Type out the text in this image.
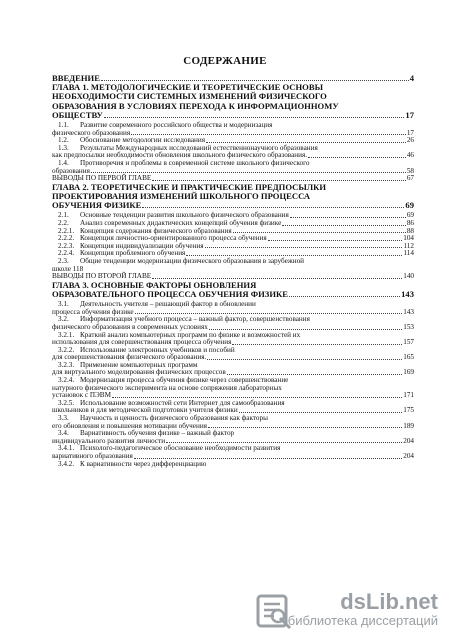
СОДЕРЖАНИЕ
ВВЕДЕНИЕ	4
ГЛАВА 1. МЕТОДОЛОГИЧЕСКИЕ И ТЕОРЕТИЧЕСКИЕ ОСНОВЫ
НЕОБХОДИМОСТИ СИСТЕМНЫХ ИЗМЕНЕНИЙ ФИЗИЧЕСКОГО
ОБРАЗОВАНИЯ В УСЛОВИЯХ ПЕРЕХОДА К ИНФОРМАЦИОННОМУ
ОБЩЕСТВУ	17
1.1. Развитие современного российского общества и модернизация
физического образования	17
1.2. Обоснование методологии исследования	26
1.3. Результаты Международных исследований естественнонаучного образования
как предпосылки необходимости обновления школьного физического образования.	46
1.4. Противоречия и проблемы в современной системе школьного физического
образования	58
ВЫВОДЫ ПО ПЕРВОЙ ГЛАВЕ	67
ГЛАВА 2. ТЕОРЕТИЧЕСКИЕ И ПРАКТИЧЕСКИЕ ПРЕДПОСЫЛКИ
ПРОЕКТИРОВАНИЯ ИЗМЕНЕНИЙ ШКОЛЬНОГО ПРОЦЕССА
ОБУЧЕНИЯ ФИЗИКЕ	69
2.1. Основные тенденции развития школьного физического образования	69
2.2. Анализ современных дидактических концепций обучения физике	86
2.2.1. Концепция содержания физического образования	88
2.2.2. Концепция личностно-ориентированного процесса обучения	104
2.2.3. Концепция индивидуализации обучения	112
2.2.4. Концепция проблемного обучения	114
2.3. Общие тенденции модернизации физического образования в зарубежной
школе 118
ВЫВОДЫ ПО ВТОРОЙ ГЛАВЕ	140
ГЛАВА 3. ОСНОВНЫЕ ФАКТОРЫ ОБНОВЛЕНИЯ
ОБРАЗОВАТЕЛЬНОГО ПРОЦЕССА ОБУЧЕНИЯ ФИЗИКЕ	143
3.1. Деятельность учителя – решающий фактор в обновлении
процесса обучения физике	143
3.2. Информатизация учебного процесса – важный фактор, совершенствования
физического образования в современных условиях	153
3.2.1. Краткий анализ компьютерных программ по физике и возможностей их
использования для совершенствования процесса обучения	157
3.2.2. Использование электронных учебников и пособий
для совершенствования физического образования.	165
3.2.3. Применение компьютерных программ
для виртуального моделирования физических процессов	169
3.2.4. Модернизация процесса обучения физике через совершенствование
натурного физического эксперимента на основе сопряжения лабораторных
установок с ПЭВМ	171
3.2.5. Использование возможностей сети Интернет для самообразования
школьников и для методической подготовки учителя физики	175
3.3. Научность и ценность физического образования как факторы
его обновления и повышения мотивации обучения	189
3.4. Вариативность обучения физике – важный фактор
индивидуального развития личности	204
3.4.1. Психолого-педагогическое обоснование необходимости развития
вариативного образования	204
3.4.2. К вариативности через дифференциацию
dsLib.net
библиотека диссертаций
